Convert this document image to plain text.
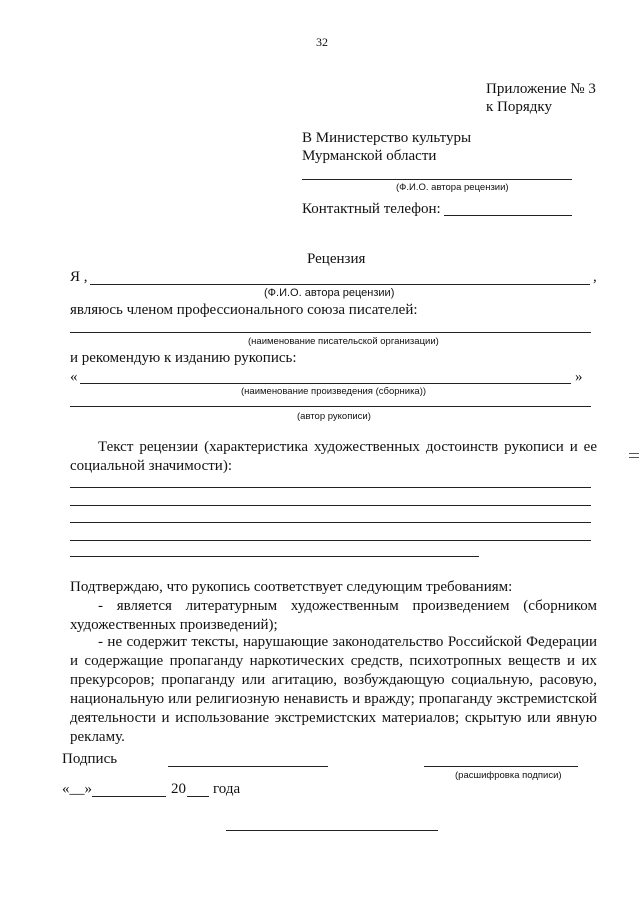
32
Приложение № 3
к Порядку
В Министерство культуры
Мурманской области
(Ф.И.О. автора рецензии)
Контактный телефон:
Рецензия
Я ,	,
(Ф.И.О. автора рецензии)
являюсь членом профессионального союза писателей:
(наименование писательской организации)
и рекомендую к изданию рукопись:
«	»
(наименование произведения (сборника))
(автор рукописи)
Текст рецензии (характеристика художественных достоинств рукописи и ее социальной значимости):
Подтверждаю, что рукопись соответствует следующим требованиям:
- является литературным художественным произведением (сборником художественных произведений);
- не содержит тексты, нарушающие законодательство Российской Федерации и содержащие пропаганду наркотических средств, психотропных веществ и их прекурсоров; пропаганду или агитацию, возбуждающую социальную, расовую, национальную или религиозную ненависть и вражду; пропаганду экстремистской деятельности и использование экстремистских материалов; скрытую или явную рекламу.
Подпись
(расшифровка подписи)
«__»	20 года
